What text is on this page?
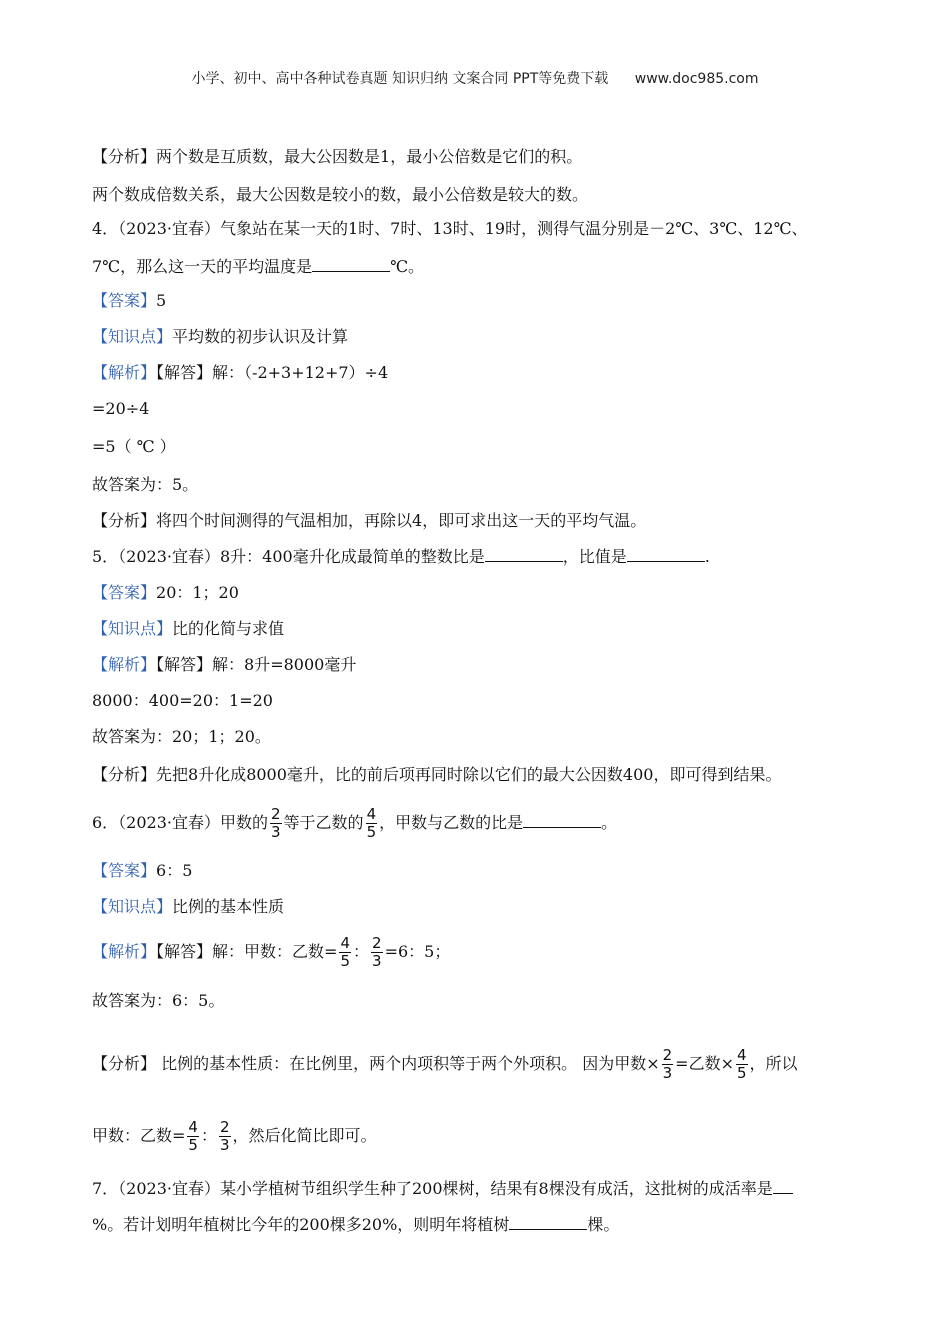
小学、初中、高中各种试卷真题 知识归纳 文案合同 PPT等免费下载 www.doc985.com
【分析】两个数是互质数，最大公因数是1，最小公倍数是它们的积。
两个数成倍数关系，最大公因数是较小的数，最小公倍数是较大的数。
4．（2023·宜春）气象站在某一天的1时、7时、13时、19时，测得气温分别是－2℃、3℃、12℃、
7℃，那么这一天的平均温度是	℃。
【答案】5
【知识点】平均数的初步认识及计算
【解析】【解答】解：（-2+3+12+7）÷4
=20÷4
=5（ ℃ ）
故答案为：5。
【分析】将四个时间测得的气温相加，再除以4，即可求出这一天的平均气温。
5．（2023·宜春）8升：400毫升化成最简单的整数比是	，比值是	.
【答案】20：1；20
【知识点】比的化简与求值
【解析】【解答】解：8升=8000毫升
8000：400=20：1=20
故答案为：20；1；20。
【分析】先把8升化成8000毫升，比的前后项再同时除以它们的最大公因数400，即可得到结果。
6．（2023·宜春）甲数的 $\frac{2}{3}$ 等于乙数的 $\frac{4}{5}$ ，甲数与乙数的比是	。
【答案】6：5
【知识点】比例的基本性质
【解析】【解答】解：甲数：乙数= $\frac{4}{5}$ ： $\frac{2}{3} =6$：5；
故答案为：6：5。
【分析】 比例的基本性质：在比例里，两个内项积等于两个外项积。 因为甲数× $\frac{2}{3}$ =乙数× $\frac{4}{5}$ ，所以
甲数：乙数= $\frac{4}{5}$ ： $\frac{2}{3}$ ，然后化简比即可。
7．（2023·宜春）某小学植树节组织学生种了200棵树，结果有8棵没有成活，这批树的成活率是
%。若计划明年植树比今年的200棵多20%，则明年将植树	棵。
